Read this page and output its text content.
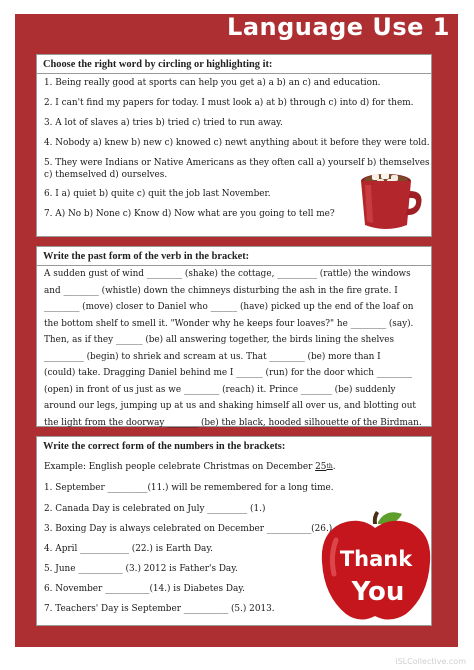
Language Use 1
Choose the right word by circling or highlighting it:
1. Being really good at sports can help you get a) a b) an c) and education.
2. I can't find my papers for today. I must look a) at b) through c) into d) for them.
3. A lot of slaves a) tries b) tried c) tried to run away.
4. Nobody a) knew b) new c) knowed c) newt anything about it before they were told.
5. They were Indians or Native Americans as they often call a) yourself b) themselves
c) themselved d) ourselves.
6. I a) quiet b) quite c) quit the job last November.
7. A) No b) None c) Know d) Now what are you going to tell me?
Write the past form of the verb in the bracket:
A sudden gust of wind ________ (shake) the cottage, _________ (rattle) the windows
and ________ (whistle) down the chimneys disturbing the ash in the fire grate. I
________ (move) closer to Daniel who ______ (have) picked up the end of the loaf on
the bottom shelf to smell it. "Wonder why he keeps four loaves?" he ________ (say).
Then, as if they ______ (be) all answering together, the birds lining the shelves
_________ (begin) to shriek and scream at us. That ________ (be) more than I
(could) take. Dragging Daniel behind me I ______ (run) for the door which ________
(open) in front of us just as we ________ (reach) it. Prince _______ (be) suddenly
around our legs, jumping up at us and shaking himself all over us, and blotting out
the light from the doorway _______ (be) the black, hooded silhouette of the Birdman.
Write the correct form of the numbers in the brackets:
Example: English people celebrate Christmas on December 25th.
1. September _________(11.) will be remembered for a long time.
2. Canada Day is celebrated on July _________ (1.)
3. Boxing Day is always celebrated on December __________(26.)
4. April ___________ (22.) is Earth Day.
5. June __________ (3.) 2012 is Father's Day.
6. November __________(14.) is Diabetes Day.
7. Teachers' Day is September __________ (5.) 2013.
Thank
You
iSLCollective.com
